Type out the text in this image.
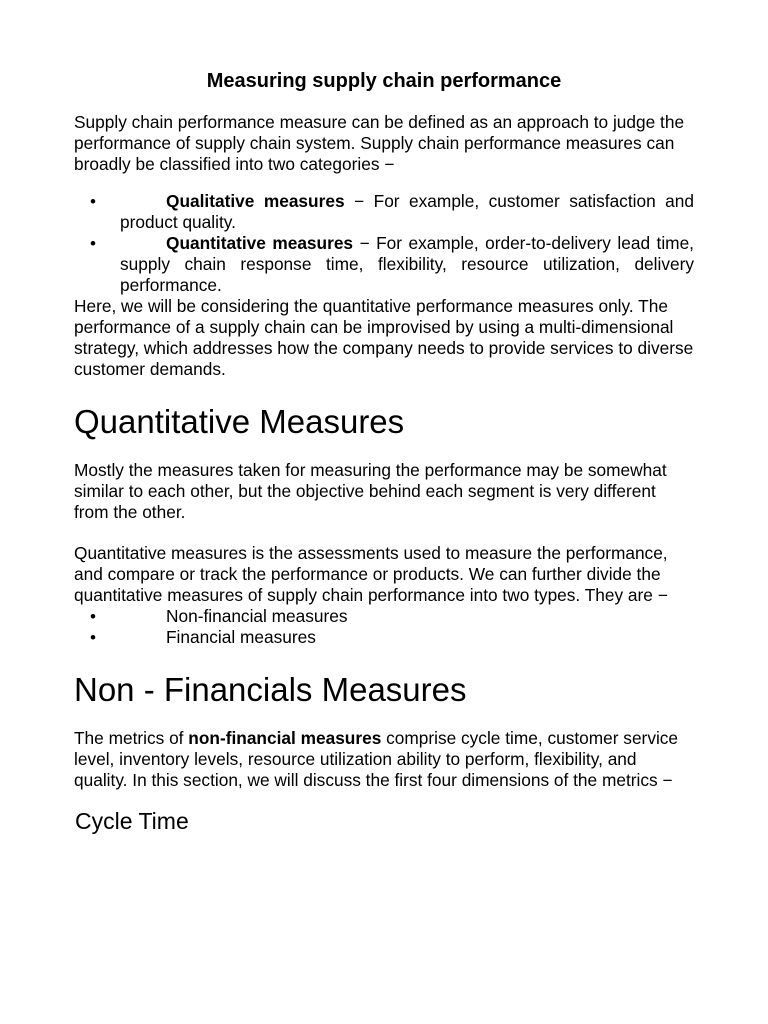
Measuring supply chain performance

Supply chain performance measure can be defined as an approach to judge the performance of supply chain system. Supply chain performance measures can broadly be classified into two categories −

•	Qualitative measures − For example, customer satisfaction and product quality.
•	Quantitative measures − For example, order-to-delivery lead time, supply chain response time, flexibility, resource utilization, delivery performance.

Here, we will be considering the quantitative performance measures only. The performance of a supply chain can be improvised by using a multi-dimensional strategy, which addresses how the company needs to provide services to diverse customer demands.

Quantitative Measures

Mostly the measures taken for measuring the performance may be somewhat similar to each other, but the objective behind each segment is very different from the other.

Quantitative measures is the assessments used to measure the performance, and compare or track the performance or products. We can further divide the quantitative measures of supply chain performance into two types. They are −

•	Non-financial measures
•	Financial measures
Non - Financials Measures

The metrics of non-financial measures comprise cycle time, customer service level, inventory levels, resource utilization ability to perform, flexibility, and quality. In this section, we will discuss the first four dimensions of the metrics −

Cycle Time
